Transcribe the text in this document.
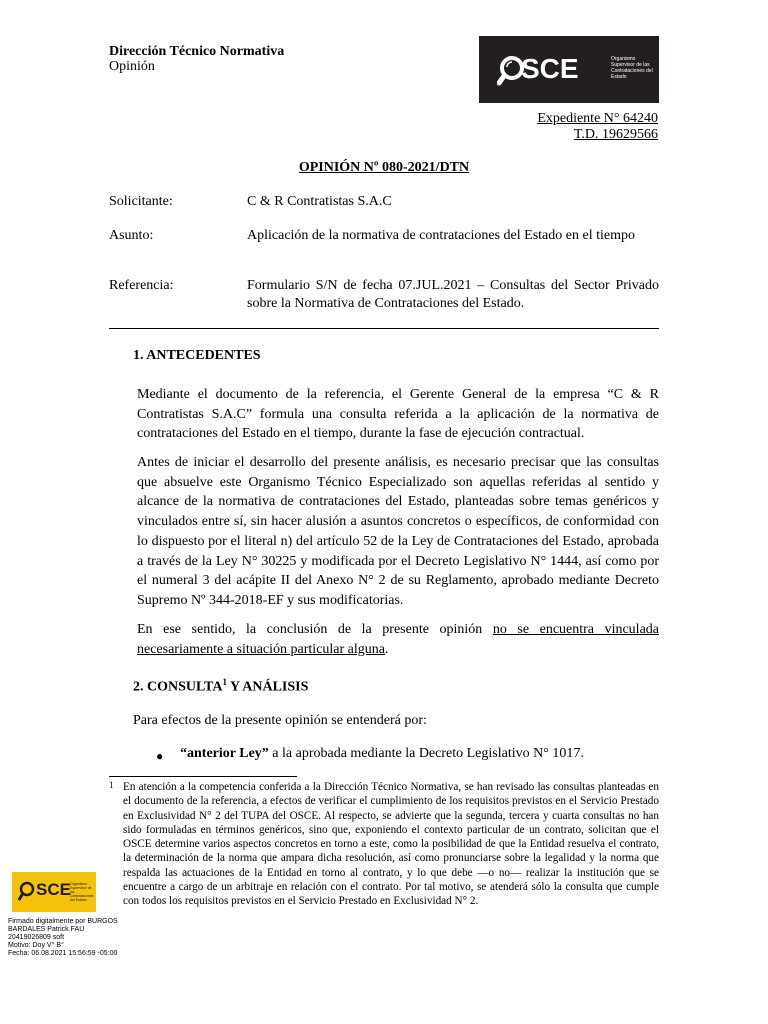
Dirección Técnico Normativa
Opinión	SCE	Organismo Supervisor de las Contrataciones del Estado
Expediente N° 64240
T.D. 19629566
OPINIÓN Nº 080-2021/DTN
Solicitante:	C & R Contratistas S.A.C
Asunto:	Aplicación de la normativa de contrataciones del Estado en el tiempo
Referencia:	Formulario S/N de fecha 07.JUL.2021 – Consultas del Sector Privado sobre la Normativa de Contrataciones del Estado.
1. ANTECEDENTES
Mediante el documento de la referencia, el Gerente General de la empresa “C & R Contratistas S.A.C” formula una consulta referida a la aplicación de la normativa de contrataciones del Estado en el tiempo, durante la fase de ejecución contractual.
Antes de iniciar el desarrollo del presente análisis, es necesario precisar que las consultas que absuelve este Organismo Técnico Especializado son aquellas referidas al sentido y alcance de la normativa de contrataciones del Estado, planteadas sobre temas genéricos y vinculados entre sí, sin hacer alusión a asuntos concretos o específicos, de conformidad con lo dispuesto por el literal n) del artículo 52 de la Ley de Contrataciones del Estado, aprobada a través de la Ley N° 30225 y modificada por el Decreto Legislativo N° 1444, así como por el numeral 3 del acápite II del Anexo N° 2 de su Reglamento, aprobado mediante Decreto Supremo Nº 344-2018-EF y sus modificatorias.
En ese sentido, la conclusión de la presente opinión no se encuentra vinculada necesariamente a situación particular alguna.
2. CONSULTA$^1$ Y ANÁLISIS
Para efectos de la presente opinión se entenderá por:
● “anterior Ley” a la aprobada mediante la Decreto Legislativo N° 1017.
1 En atención a la competencia conferida a la Dirección Técnico Normativa, se han revisado las consultas planteadas en el documento de la referencia, a efectos de verificar el cumplimiento de los requisitos previstos en el Servicio Prestado en Exclusividad N° 2 del TUPA del OSCE. Al respecto, se advierte que la segunda, tercera y cuarta consultas no han sido formuladas en términos genéricos, sino que, exponiendo el contexto particular de un contrato, solicitan que el OSCE determine varios aspectos concretos en torno a este, como la posibilidad de que la Entidad resuelva el contrato, la determinación de la norma que ampara dicha resolución, así como pronunciarse sobre la legalidad y la norma que respalda las actuaciones de la Entidad en torno al contrato, y lo que debe —o no— realizar la institución que se encuentre a cargo de un arbitraje en relación con el contrato. Por tal motivo, se atenderá sólo la consulta que cumple con todos los requisitos previstos en el Servicio Prestado en Exclusividad N° 2.
SCE Organismo Supervisor de las Contrataciones del Estado
Firmado digitalmente por BURGOS
BARDALES Patrick FAU
20419026809 soft
Motivo: Doy V° B°
Fecha: 06.08.2021 15:56:59 -05:00
